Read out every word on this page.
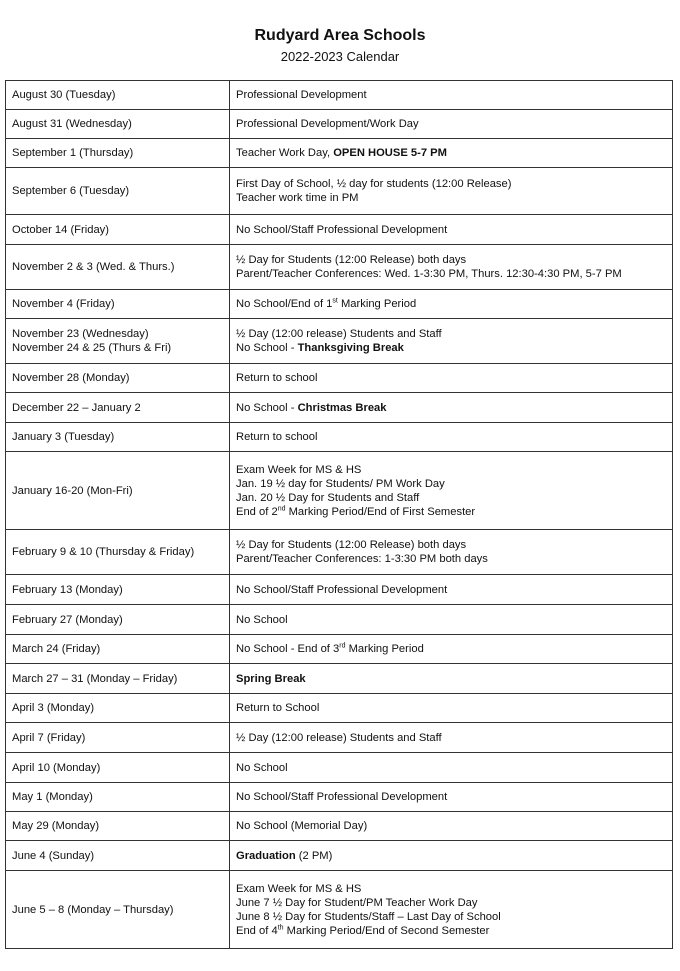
Rudyard Area Schools
2022-2023 Calendar
August 30 (Tuesday)	Professional Development

August 31 (Wednesday)	Professional Development/Work Day

September 1 (Thursday)	Teacher Work Day, OPEN HOUSE 5-7 PM

September 6 (Tuesday)	First Day of School, ½ day for students (12:00 Release)
Teacher work time in PM

October 14 (Friday)	No School/Staff Professional Development

November 2 & 3 (Wed. & Thurs.)	½ Day for Students (12:00 Release) both days
Parent/Teacher Conferences: Wed. 1-3:30 PM, Thurs. 12:30-4:30 PM, 5-7 PM

November 4 (Friday)	No School/End of 1st Marking Period

November 23 (Wednesday)
November 24 & 25 (Thurs & Fri)	½ Day (12:00 release) Students and Staff
No School - Thanksgiving Break

November 28 (Monday)	Return to school

December 22 – January 2	No School - Christmas Break

January 3 (Tuesday)	Return to school

January 16-20 (Mon-Fri)	Exam Week for MS & HS
Jan. 19 ½ day for Students/ PM Work Day
Jan. 20 ½ Day for Students and Staff
End of 2nd Marking Period/End of First Semester

February 9 & 10 (Thursday & Friday)	½ Day for Students (12:00 Release) both days
Parent/Teacher Conferences: 1-3:30 PM both days

February 13 (Monday)	No School/Staff Professional Development

February 27 (Monday)	No School

March 24 (Friday)	No School - End of 3rd Marking Period

March 27 – 31 (Monday – Friday)	Spring Break

April 3 (Monday)	Return to School

April 7 (Friday)	½ Day (12:00 release) Students and Staff

April 10 (Monday)	No School

May 1 (Monday)	No School/Staff Professional Development

May 29 (Monday)	No School (Memorial Day)

June 4 (Sunday)	Graduation (2 PM)

June 5 – 8 (Monday – Thursday)	Exam Week for MS & HS
June 7 ½ Day for Student/PM Teacher Work Day
June 8 ½ Day for Students/Staff – Last Day of School
End of 4th Marking Period/End of Second Semester
